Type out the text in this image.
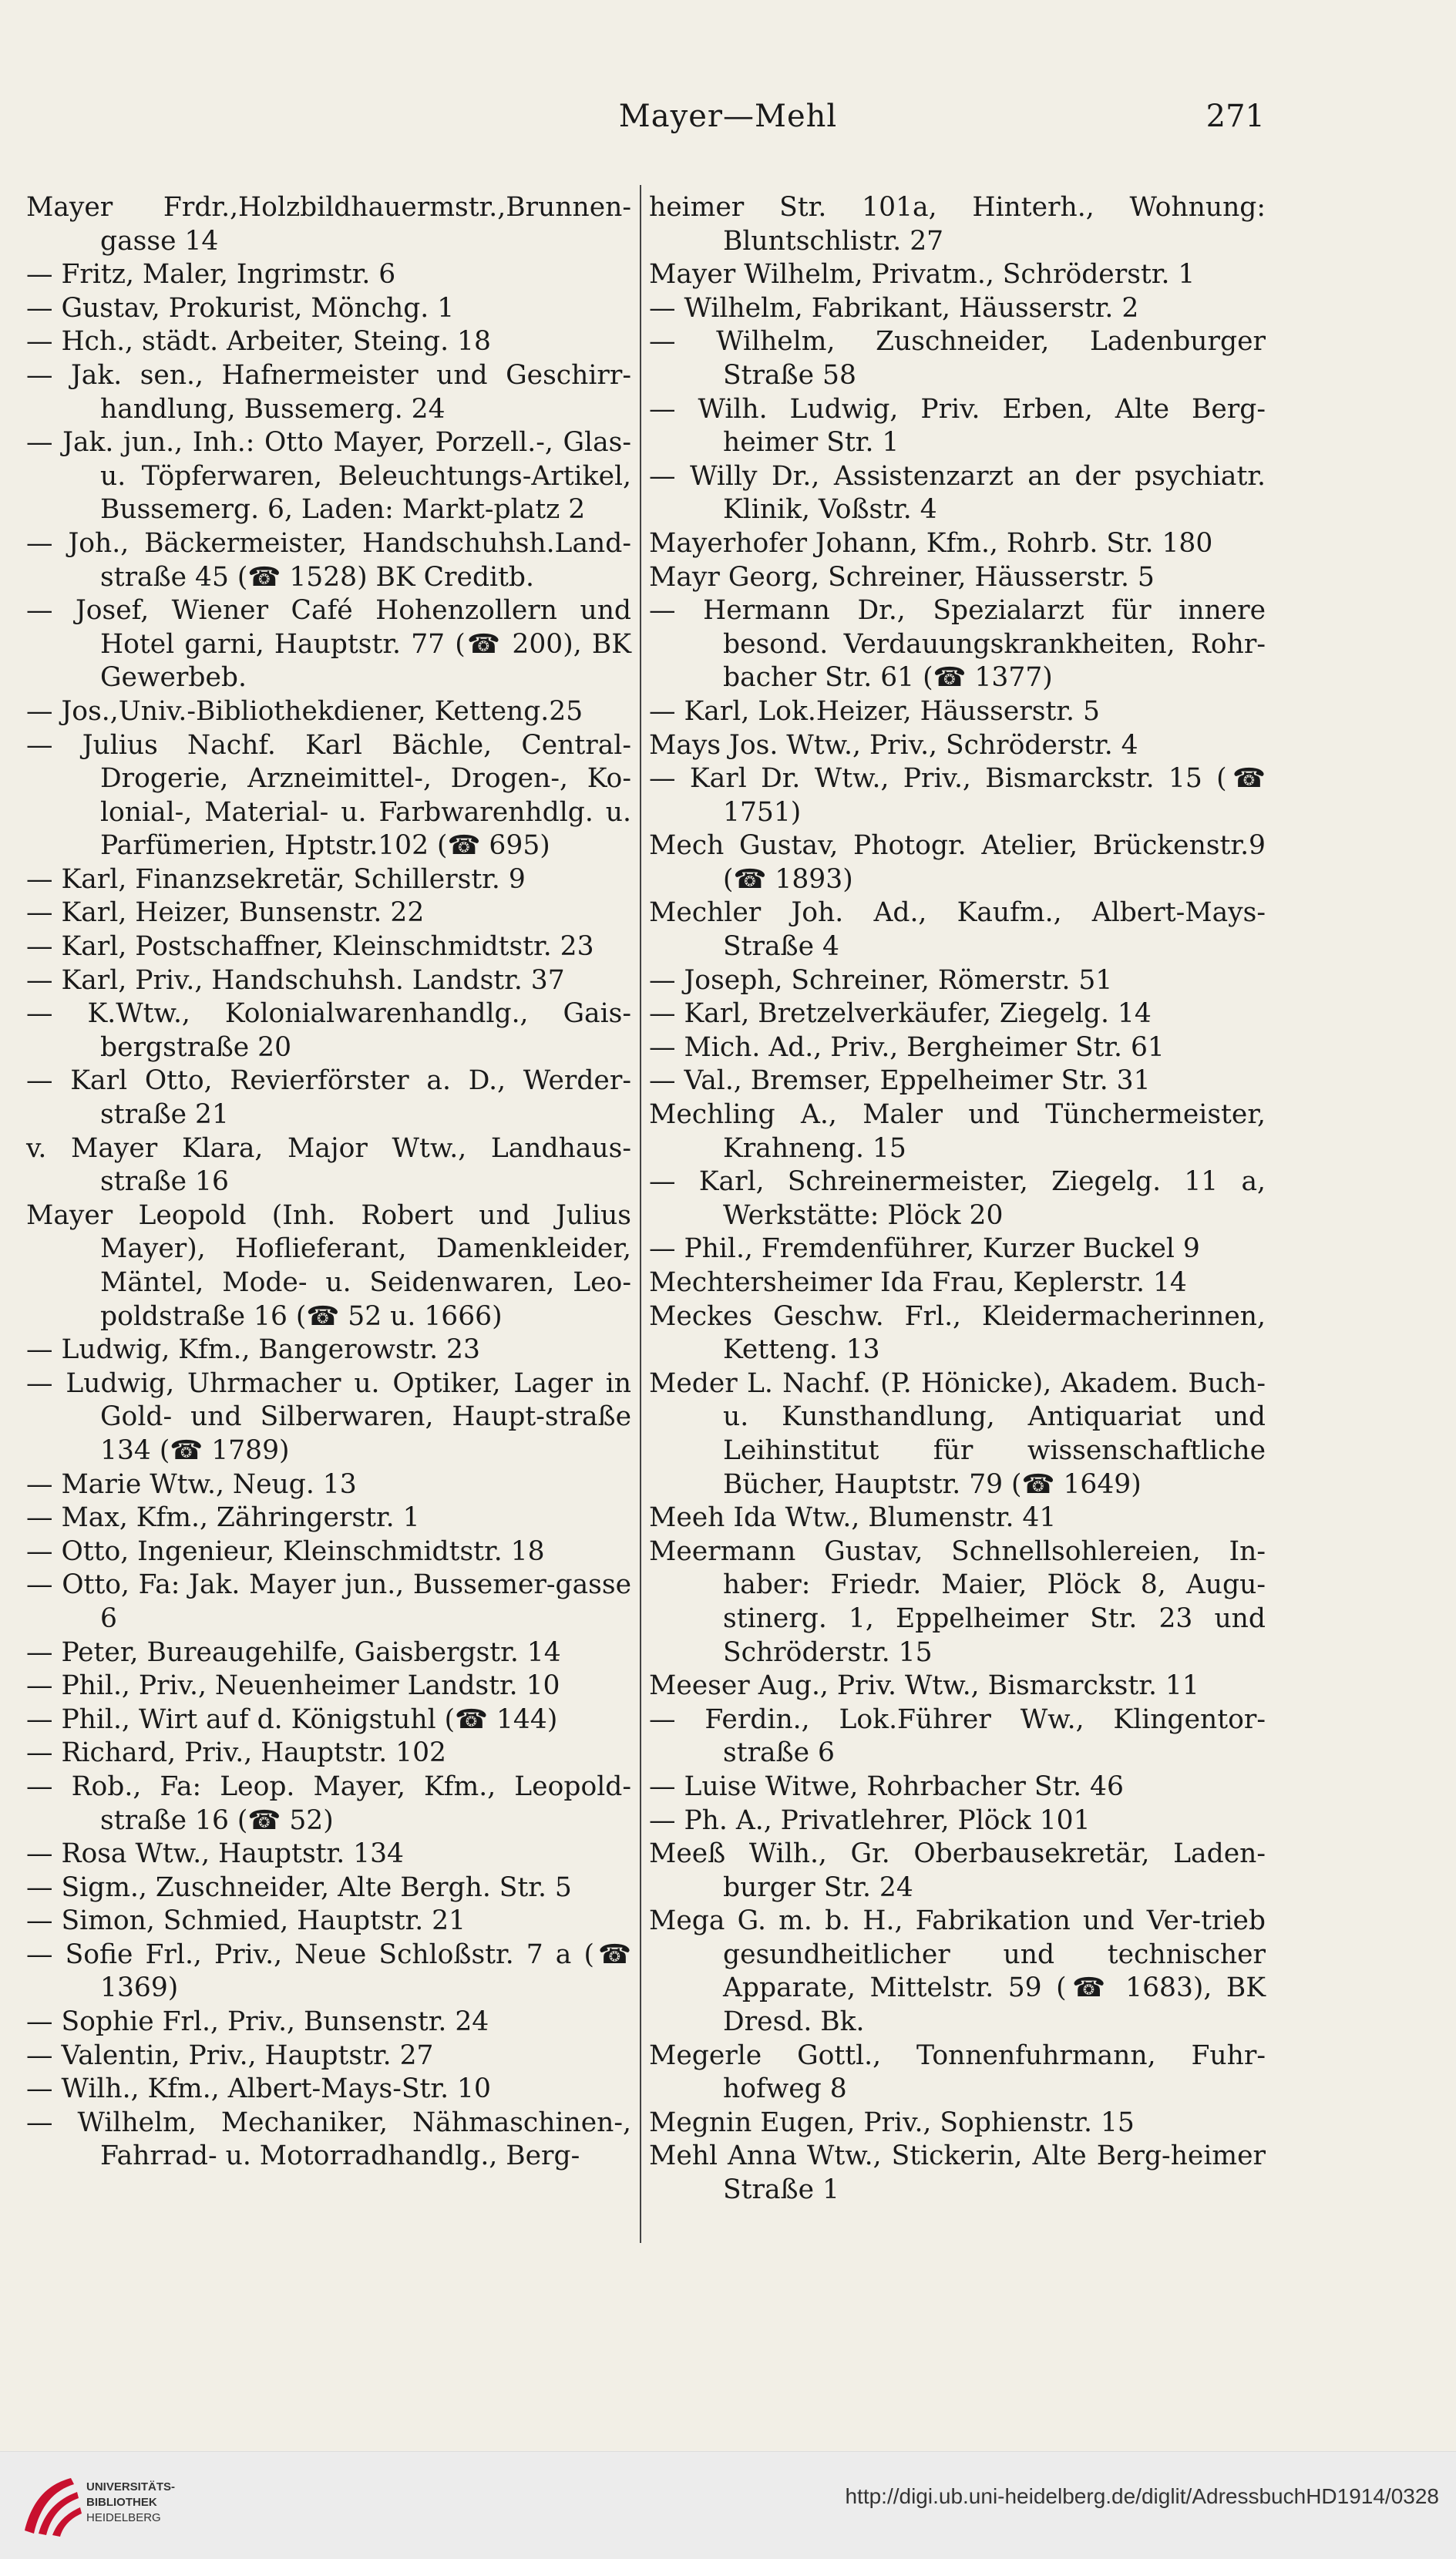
Mayer—Mehl	271

Mayer Frdr.,Holzbildhauermstr.,Brunnen-gasse 14

— Fritz, Maler, Ingrimstr. 6

— Gustav, Prokurist, Mönchg. 1

— Hch., städt. Arbeiter, Steing. 18

— Jak. sen., Hafnermeister und Geschirr-handlung, Bussemerg. 24

— Jak. jun., Inh.: Otto Mayer, Porzell.-, Glas- u. Töpferwaren, Beleuchtungs-Artikel, Bussemerg. 6, Laden: Markt-platz 2

— Joh., Bäckermeister, Handschuhsh.Land-straße 45 (☎ 1528) BK Creditb.

— Josef, Wiener Café Hohenzollern und Hotel garni, Hauptstr. 77 (☎ 200), BK Gewerbeb.

— Jos.,Univ.-Bibliothekdiener, Ketteng.25

— Julius Nachf. Karl Bächle, Central-Drogerie, Arzneimittel-, Drogen-, Ko-lonial-, Material- u. Farbwarenhdlg. u. Parfümerien, Hptstr.102 (☎ 695)

— Karl, Finanzsekretär, Schillerstr. 9

— Karl, Heizer, Bunsenstr. 22

— Karl, Postschaffner, Kleinschmidtstr. 23

— Karl, Priv., Handschuhsh. Landstr. 37

— K.Wtw., Kolonialwarenhandlg., Gais-bergstraße 20

— Karl Otto, Revierförster a. D., Werder-straße 21

v. Mayer Klara, Major Wtw., Landhaus-straße 16

Mayer Leopold (Inh. Robert und Julius Mayer), Hoflieferant, Damenkleider, Mäntel, Mode- u. Seidenwaren, Leo-poldstraße 16 (☎ 52 u. 1666)

— Ludwig, Kfm., Bangerowstr. 23

— Ludwig, Uhrmacher u. Optiker, Lager in Gold- und Silberwaren, Haupt-straße 134 (☎ 1789)

— Marie Wtw., Neug. 13

— Max, Kfm., Zähringerstr. 1

— Otto, Ingenieur, Kleinschmidtstr. 18

— Otto, Fa: Jak. Mayer jun., Bussemer-gasse 6

— Peter, Bureaugehilfe, Gaisbergstr. 14

— Phil., Priv., Neuenheimer Landstr. 10

— Phil., Wirt auf d. Königstuhl (☎ 144)

— Richard, Priv., Hauptstr. 102

— Rob., Fa: Leop. Mayer, Kfm., Leopold-straße 16 (☎ 52)

— Rosa Wtw., Hauptstr. 134

— Sigm., Zuschneider, Alte Bergh. Str. 5

— Simon, Schmied, Hauptstr. 21

— Sofie Frl., Priv., Neue Schloßstr. 7 a (☎ 1369)

— Sophie Frl., Priv., Bunsenstr. 24

— Valentin, Priv., Hauptstr. 27

— Wilh., Kfm., Albert-Mays-Str. 10

— Wilhelm, Mechaniker, Nähmaschinen-, Fahrrad- u. Motorradhandlg., Berg-

heimer Str. 101a, Hinterh., Wohnung: Bluntschlistr. 27

Mayer Wilhelm, Privatm., Schröderstr. 1

— Wilhelm, Fabrikant, Häusserstr. 2

— Wilhelm, Zuschneider, Ladenburger Straße 58

— Wilh. Ludwig, Priv. Erben, Alte Berg-heimer Str. 1

— Willy Dr., Assistenzarzt an der psychiatr. Klinik, Voßstr. 4

Mayerhofer Johann, Kfm., Rohrb. Str. 180

Mayr Georg, Schreiner, Häusserstr. 5

— Hermann Dr., Spezialarzt für innere besond. Verdauungskrankheiten, Rohr-bacher Str. 61 (☎ 1377)

— Karl, Lok.Heizer, Häusserstr. 5

Mays Jos. Wtw., Priv., Schröderstr. 4

— Karl Dr. Wtw., Priv., Bismarckstr. 15 (☎ 1751)

Mech Gustav, Photogr. Atelier, Brückenstr.9 (☎ 1893)

Mechler Joh. Ad., Kaufm., Albert-Mays-Straße 4

— Joseph, Schreiner, Römerstr. 51

— Karl, Bretzelverkäufer, Ziegelg. 14

— Mich. Ad., Priv., Bergheimer Str. 61

— Val., Bremser, Eppelheimer Str. 31

Mechling A., Maler und Tünchermeister, Krahneng. 15

— Karl, Schreinermeister, Ziegelg. 11 a, Werkstätte: Plöck 20

— Phil., Fremdenführer, Kurzer Buckel 9

Mechtersheimer Ida Frau, Keplerstr. 14

Meckes Geschw. Frl., Kleidermacherinnen, Ketteng. 13

Meder L. Nachf. (P. Hönicke), Akadem. Buch- u. Kunsthandlung, Antiquariat und Leihinstitut für wissenschaftliche Bücher, Hauptstr. 79 (☎ 1649)

Meeh Ida Wtw., Blumenstr. 41

Meermann Gustav, Schnellsohlereien, In-haber: Friedr. Maier, Plöck 8, Augu-stinerg. 1, Eppelheimer Str. 23 und Schröderstr. 15

Meeser Aug., Priv. Wtw., Bismarckstr. 11

— Ferdin., Lok.Führer Ww., Klingentor-straße 6

— Luise Witwe, Rohrbacher Str. 46

— Ph. A., Privatlehrer, Plöck 101

Meeß Wilh., Gr. Oberbausekretär, Laden-burger Str. 24

Mega G. m. b. H., Fabrikation und Ver-trieb gesundheitlicher und technischer Apparate, Mittelstr. 59 (☎ 1683), BK Dresd. Bk.

Megerle Gottl., Tonnenfuhrmann, Fuhr-hofweg 8

Megnin Eugen, Priv., Sophienstr. 15

Mehl Anna Wtw., Stickerin, Alte Berg-heimer Straße 1

UNIVERSITÄTS-
BIBLIOTHEK
HEIDELBERG
http://digi.ub.uni-heidelberg.de/diglit/AdressbuchHD1914/0328
